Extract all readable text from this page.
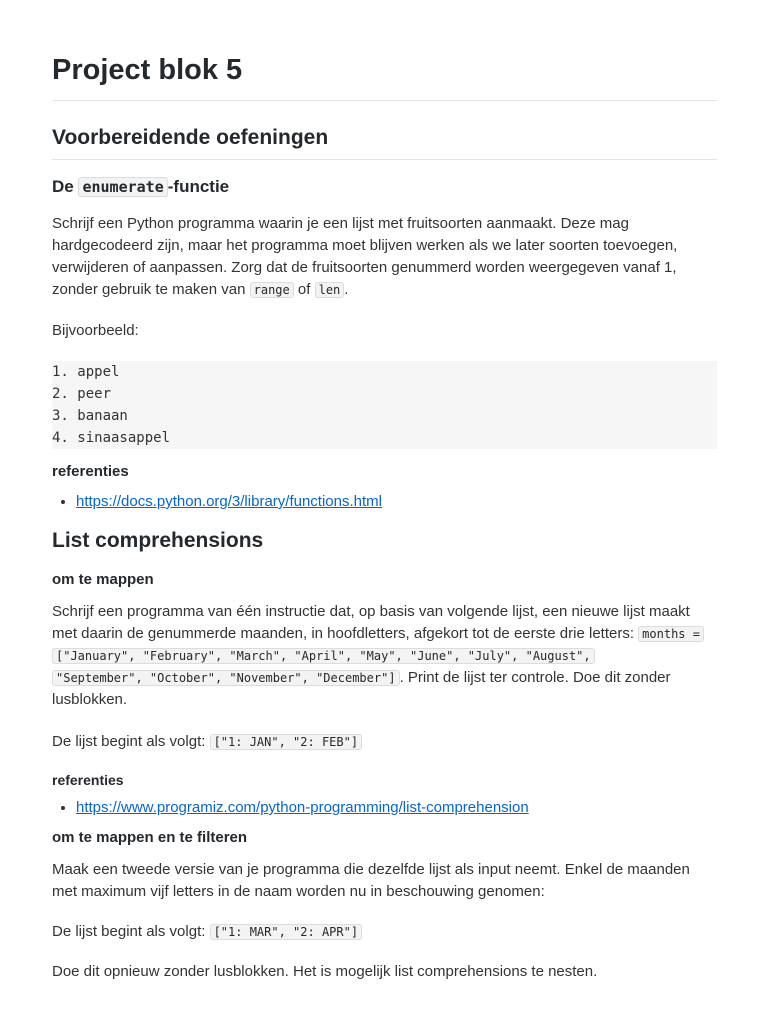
Project blok 5
Voorbereidende oefeningen
De enumerate -functie

Schrijf een Python programma waarin je een lijst met fruitsoorten aanmaakt. Deze mag hardgecodeerd zijn, maar het programma moet blijven werken als we later soorten toevoegen, verwijderen of aanpassen. Zorg dat de fruitsoorten genummerd worden weergegeven vanaf 1, zonder gebruik te maken van range of len .

Bijvoorbeeld:

1. appel
2. peer
3. banaan
4. sinaasappel
referenties
• https://docs.python.org/3/library/functions.html
List comprehensions
om te mappen

Schrijf een programma van één instructie dat, op basis van volgende lijst, een nieuwe lijst maakt met daarin de genummerde maanden, in hoofdletters, afgekort tot de eerste drie letters: months =
["January", "February", "March", "April", "May", "June", "July", "August",
"September", "October", "November", "December"] . Print de lijst ter controle. Doe dit zonder lusblokken.

De lijst begint als volgt: ["1: JAN", "2: FEB"]

referenties
• https://www.programiz.com/python-programming/list-comprehension
om te mappen en te filteren

Maak een tweede versie van je programma die dezelfde lijst als input neemt. Enkel de maanden met maximum vijf letters in de naam worden nu in beschouwing genomen:

De lijst begint als volgt: ["1: MAR", "2: APR"]

Doe dit opnieuw zonder lusblokken. Het is mogelijk list comprehensions te nesten.
